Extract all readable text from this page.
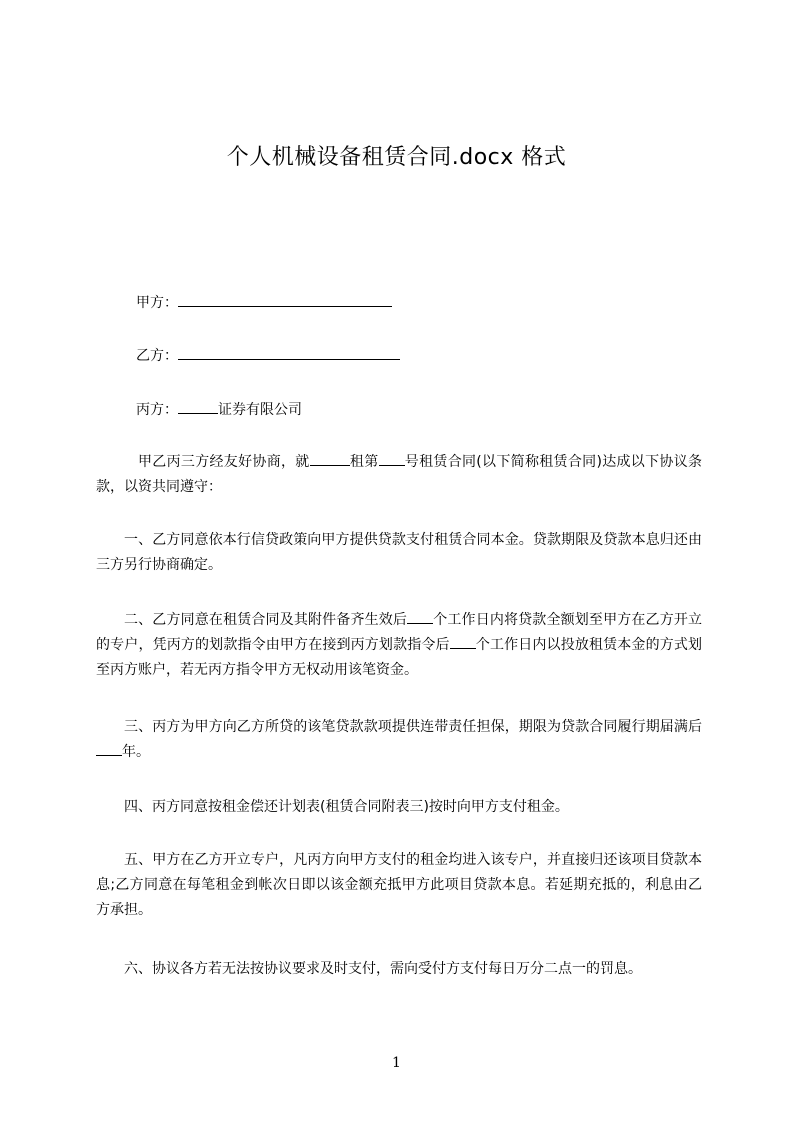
个人机械设备租赁合同.docx 格式
甲方：
乙方：
丙方：	证券有限公司
甲乙丙三方经友好协商，就	租第 号租赁合同(以下简称租赁合同)达成以下协议条款，以资共同遵守：
一、乙方同意依本行信贷政策向甲方提供贷款支付租赁合同本金。贷款期限及贷款本息归还由三方另行协商确定。
二、乙方同意在租赁合同及其附件备齐生效后 个工作日内将贷款全额划至甲方在乙方开立的专户，凭丙方的划款指令由甲方在接到丙方划款指令后 个工作日内以投放租赁本金的方式划至丙方账户，若无丙方指令甲方无权动用该笔资金。
三、丙方为甲方向乙方所贷的该笔贷款款项提供连带责任担保，期限为贷款合同履行期届满后年。
四、丙方同意按租金偿还计划表(租赁合同附表三)按时向甲方支付租金。
五、甲方在乙方开立专户，凡丙方向甲方支付的租金均进入该专户，并直接归还该项目贷款本息;乙方同意在每笔租金到帐次日即以该金额充抵甲方此项目贷款本息。若延期充抵的，利息由乙方承担。
六、协议各方若无法按协议要求及时支付，需向受付方支付每日万分二点一的罚息。
1
